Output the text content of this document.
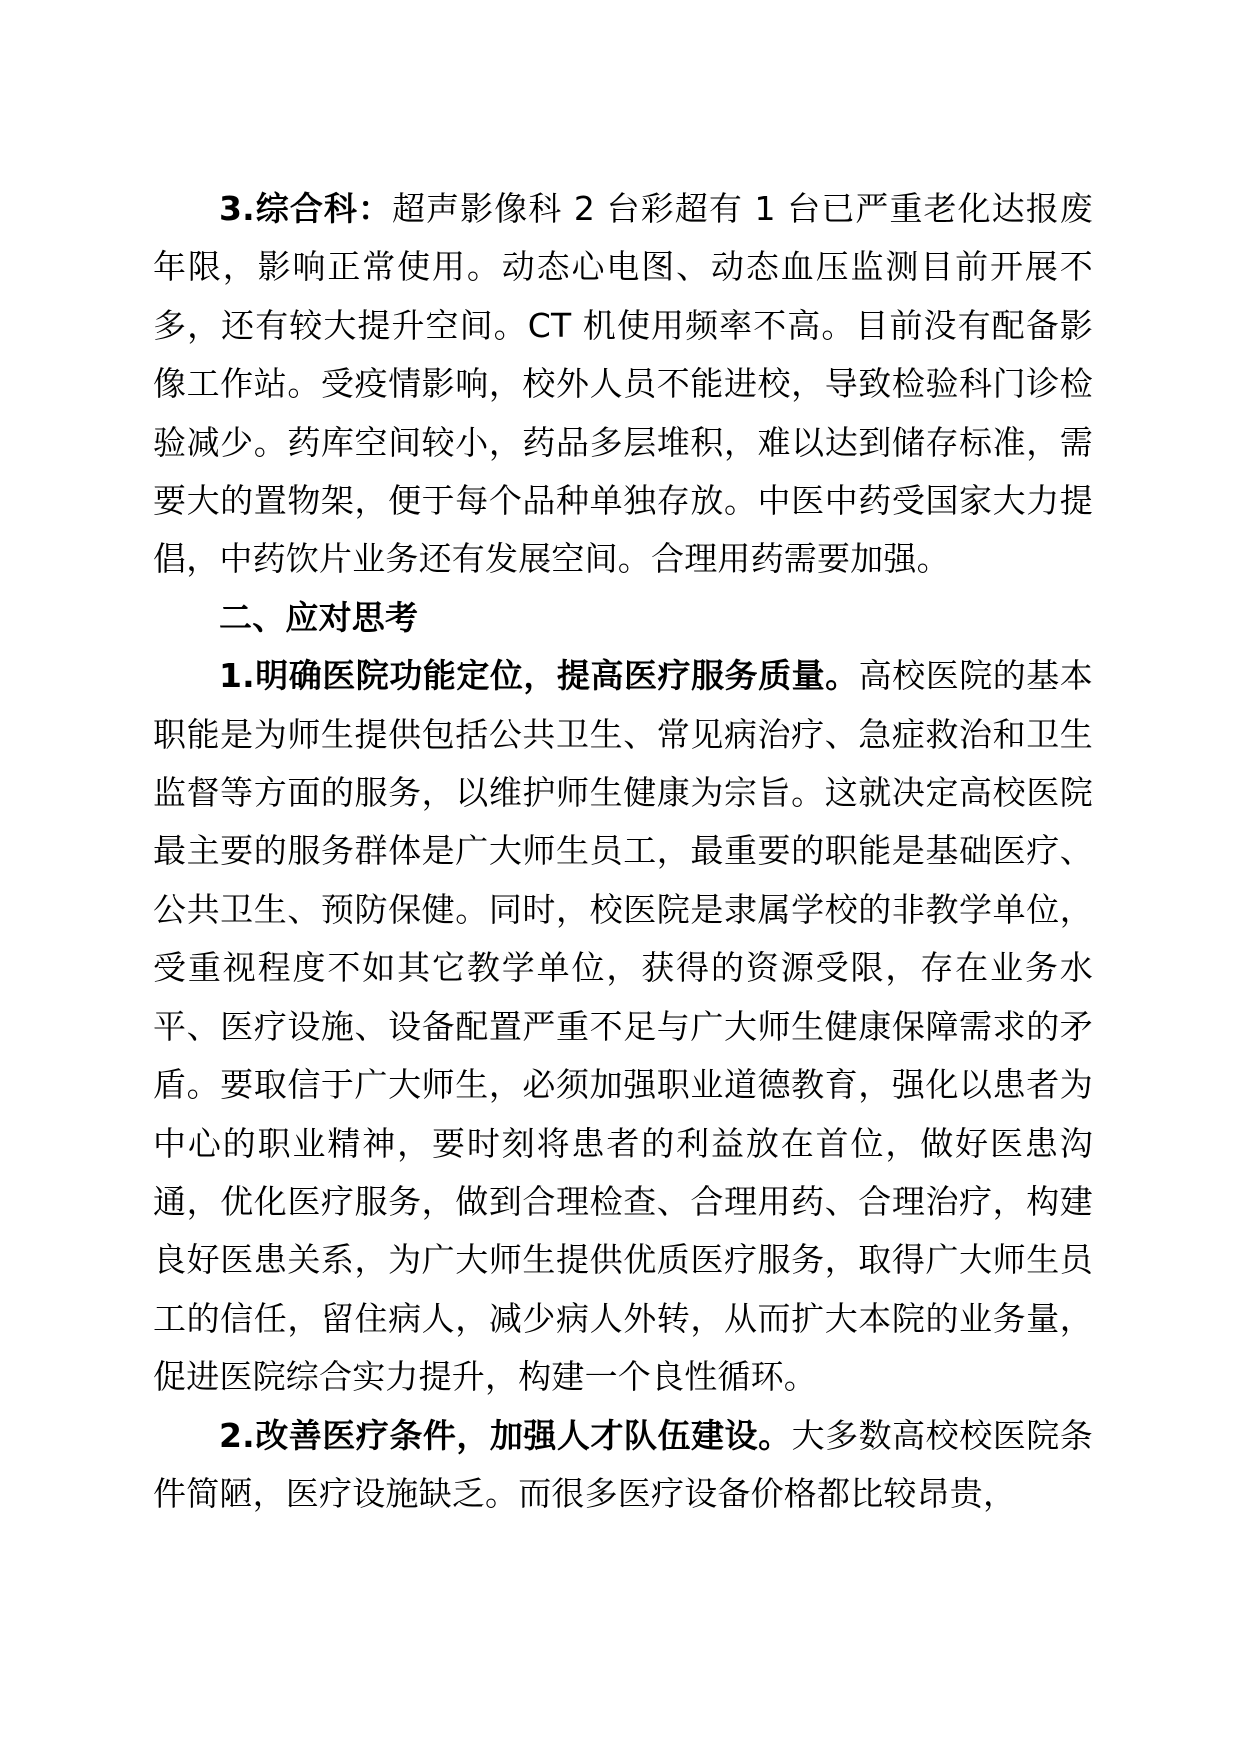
3.综合科：超声影像科 2 台彩超有 1 台已严重老化达报废年限，影响正常使用。动态心电图、动态血压监测目前开展不多，还有较大提升空间。CT 机使用频率不高。目前没有配备影像工作站。受疫情影响，校外人员不能进校，导致检验科门诊检验减少。药库空间较小，药品多层堆积，难以达到储存标准，需要大的置物架，便于每个品种单独存放。中医中药受国家大力提倡，中药饮片业务还有发展空间。合理用药需要加强。

二、应对思考

1.明确医院功能定位，提高医疗服务质量。高校医院的基本职能是为师生提供包括公共卫生、常见病治疗、急症救治和卫生监督等方面的服务，以维护师生健康为宗旨。这就决定高校医院最主要的服务群体是广大师生员工，最重要的职能是基础医疗、公共卫生、预防保健。同时，校医院是隶属学校的非教学单位，受重视程度不如其它教学单位，获得的资源受限，存在业务水平、医疗设施、设备配置严重不足与广大师生健康保障需求的矛盾。要取信于广大师生，必须加强职业道德教育，强化以患者为中心的职业精神，要时刻将患者的利益放在首位，做好医患沟通，优化医疗服务，做到合理检查、合理用药、合理治疗，构建良好医患关系，为广大师生提供优质医疗服务，取得广大师生员工的信任，留住病人，减少病人外转，从而扩大本院的业务量，促进医院综合实力提升，构建一个良性循环。

2.改善医疗条件，加强人才队伍建设。大多数高校校医院条件简陋，医疗设施缺乏。而很多医疗设备价格都比较昂贵，
